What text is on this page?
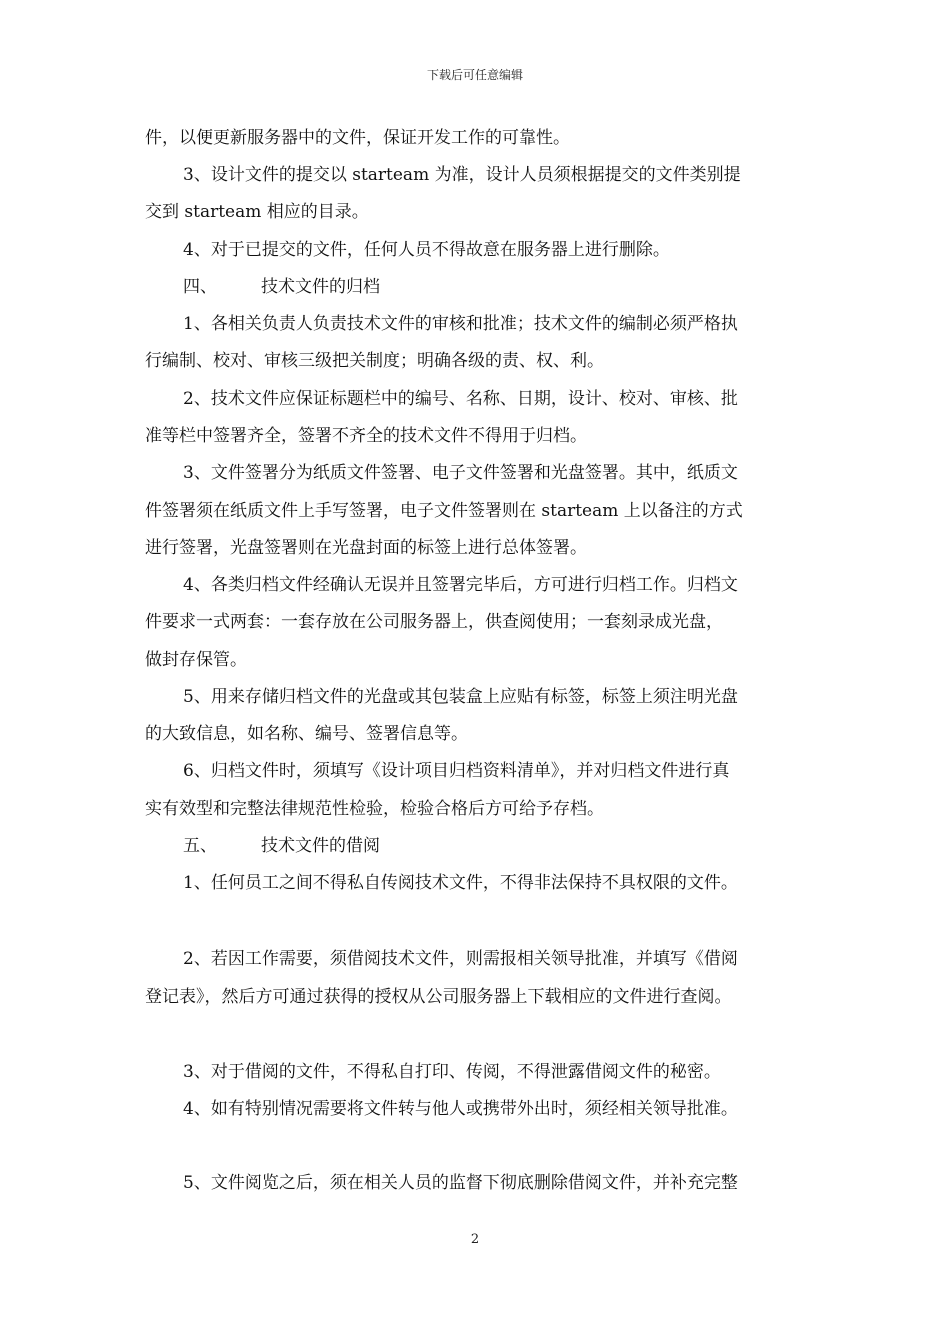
下载后可任意编辑
件，以便更新服务器中的文件，保证开发工作的可靠性。
3、设计文件的提交以 starteam 为准，设计人员须根据提交的文件类别提
交到 starteam 相应的目录。
4、对于已提交的文件，任何人员不得故意在服务器上进行删除。
四、	技术文件的归档
1、各相关负责人负责技术文件的审核和批准；技术文件的编制必须严格执
行编制、校对、审核三级把关制度；明确各级的责、权、利。
2、技术文件应保证标题栏中的编号、名称、日期，设计、校对、审核、批
准等栏中签署齐全，签署不齐全的技术文件不得用于归档。
3、文件签署分为纸质文件签署、电子文件签署和光盘签署。其中，纸质文
件签署须在纸质文件上手写签署，电子文件签署则在 starteam 上以备注的方式
进行签署，光盘签署则在光盘封面的标签上进行总体签署。
4、各类归档文件经确认无误并且签署完毕后，方可进行归档工作。归档文
件要求一式两套：一套存放在公司服务器上，供查阅使用；一套刻录成光盘，
做封存保管。
5、用来存储归档文件的光盘或其包装盒上应贴有标签，标签上须注明光盘
的大致信息，如名称、编号、签署信息等。
6、归档文件时，须填写《设计项目归档资料清单》，并对归档文件进行真
实有效型和完整法律规范性检验，检验合格后方可给予存档。
五、	技术文件的借阅
1、任何员工之间不得私自传阅技术文件，不得非法保持不具权限的文件。
2、若因工作需要，须借阅技术文件，则需报相关领导批准，并填写《借阅
登记表》，然后方可通过获得的授权从公司服务器上下载相应的文件进行查阅。
3、对于借阅的文件，不得私自打印、传阅，不得泄露借阅文件的秘密。
4、如有特别情况需要将文件转与他人或携带外出时，须经相关领导批准。
5、文件阅览之后，须在相关人员的监督下彻底删除借阅文件，并补充完整
2
